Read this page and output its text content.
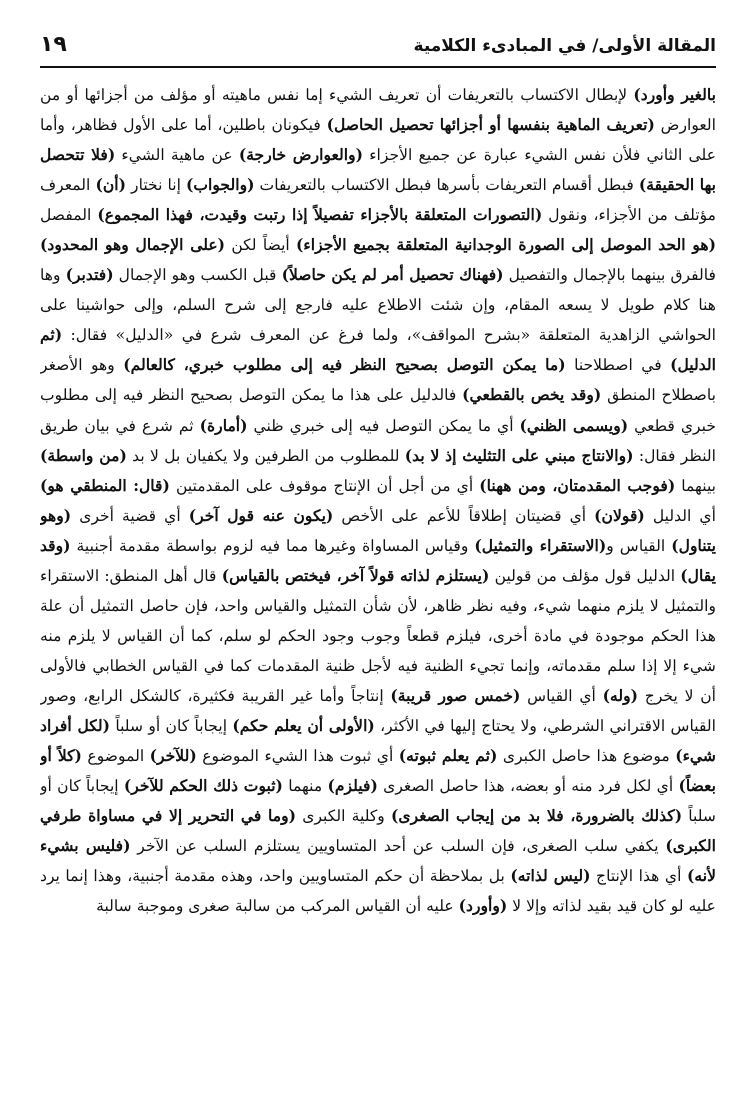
المقالة الأولى/ في المبادىء الكلامية
١٩
بالغير وأورد) لإبطال الاكتساب بالتعريفات أن تعريف الشيء إما نفس ماهيته أو مؤلف من أجزائها أو من العوارض (تعريف الماهية بنفسها أو أجزائها تحصيل الحاصل) فيكونان باطلين، أما على الأول فظاهر، وأما على الثاني فلأن نفس الشيء عبارة عن جميع الأجزاء (والعوارض خارجة) عن ماهية الشيء (فلا تتحصل بها الحقيقة) فبطل أقسام التعريفات بأسرها فبطل الاكتساب بالتعريفات (والجواب) إنا نختار (أن) المعرف مؤتلف من الأجزاء، ونقول (التصورات المتعلقة بالأجزاء تفصيلاً إذا رتبت وقيدت، فهذا المجموع) المفصل (هو الحد الموصل إلى الصورة الوجدانية المتعلقة بجميع الأجزاء) أيضاً لكن (على الإجمال وهو المحدود) فالفرق بينهما بالإجمال والتفصيل (فهناك تحصيل أمر لم يكن حاصلاً) قبل الكسب وهو الإجمال (فتدبر) وها هنا كلام طويل لا يسعه المقام، وإن شئت الاطلاع عليه فارجع إلى شرح السلم، وإلى حواشينا على الحواشي الزاهدية المتعلقة «بشرح المواقف»، ولما فرغ عن المعرف شرع في «الدليل» فقال: (ثم الدليل) في اصطلاحنا (ما يمكن التوصل بصحيح النظر فيه إلى مطلوب خبري، كالعالم) وهو الأصغر باصطلاح المنطق (وقد يخص بالقطعي) فالدليل على هذا ما يمكن التوصل بصحيح النظر فيه إلى مطلوب خبري قطعي (ويسمى الظني) أي ما يمكن التوصل فيه إلى خبري ظني (أمارة) ثم شرع في بيان طريق النظر فقال: (والانتاج مبني على التثليث إذ لا بد) للمطلوب من الطرفين ولا يكفيان بل لا بد (من واسطة) بينهما (فوجب المقدمتان، ومن ههنا) أي من أجل أن الإنتاج موقوف على المقدمتين (قال: المنطقي هو) أي الدليل (قولان) أي قضيتان إطلاقاً للأعم على الأخص (يكون عنه قول آخر) أي قضية أخرى (وهو يتناول) القياس و(الاستقراء والتمثيل) وقياس المساواة وغيرها مما فيه لزوم بواسطة مقدمة أجنبية (وقد يقال) الدليل قول مؤلف من قولين (يستلزم لذاته قولاً آخر، فيختص بالقياس) قال أهل المنطق: الاستقراء والتمثيل لا يلزم منهما شيء، وفيه نظر ظاهر، لأن شأن التمثيل والقياس واحد، فإن حاصل التمثيل أن علة هذا الحكم موجودة في مادة أخرى، فيلزم قطعاً وجوب وجود الحكم لو سلم، كما أن القياس لا يلزم منه شيء إلا إذا سلم مقدماته، وإنما تجيء الظنية فيه لأجل ظنية المقدمات كما في القياس الخطابي فالأولى أن لا يخرج (وله) أي القياس (خمس صور قريبة) إنتاجاً وأما غير القريبة فكثيرة، كالشكل الرابع، وصور القياس الاقتراني الشرطي، ولا يحتاج إليها في الأكثر، (الأولى أن يعلم حكم) إيجاباً كان أو سلباً (لكل أفراد شيء) موضوع هذا حاصل الكبرى (ثم يعلم ثبوته) أي ثبوت هذا الشيء الموضوع (للآخر) الموضوع (كلاً أو بعضاً) أي لكل فرد منه أو بعضه، هذا حاصل الصغرى (فيلزم) منهما (ثبوت ذلك الحكم للآخر) إيجاباً كان أو سلباً (كذلك بالضرورة، فلا بد من إيجاب الصغرى) وكلية الكبرى (وما في التحرير إلا في مساواة طرفي الكبرى) يكفي سلب الصغرى، فإن السلب عن أحد المتساويين يستلزم السلب عن الآخر (فليس بشيء لأنه) أي هذا الإنتاج (ليس لذاته) بل بملاحظة أن حكم المتساويين واحد، وهذه مقدمة أجنبية، وهذا إنما يرد عليه لو كان قيد بقيد لذاته وإلا لا (وأورد) عليه أن القياس المركب من سالبة صغرى وموجبة سالبة
